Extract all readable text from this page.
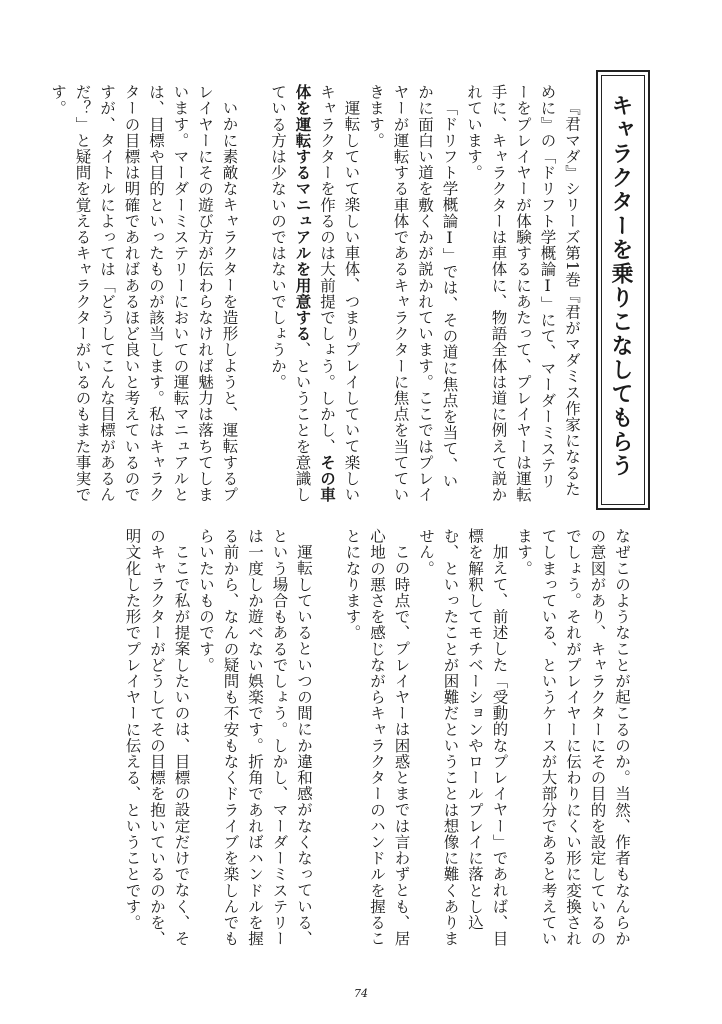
キャラクターを乗りこなしてもらう

『君マダ』シリーズ第1巻『君がマダミス作家になるために』の「ドリフト学概論Ⅰ」にて、マーダーミステリーをプレイヤーが体験するにあたって、プレイヤーは運転手に、キャラクターは車体に、物語全体は道に例えて説かれています。

「ドリフト学概論Ⅰ」では、その道に焦点を当て、いかに面白い道を敷くかが説かれています。ここではプレイヤーが運転する車体であるキャラクターに焦点を当てていきます。

運転していて楽しい車体、つまりプレイしていて楽しいキャラクターを作るのは大前提でしょう。しかし、その車体を運転するマニュアルを用意する、ということを意識している方は少ないのではないでしょうか。

いかに素敵なキャラクターを造形しようと、運転するプレイヤーにその遊び方が伝わらなければ魅力は落ちてしまいます。マーダーミステリーにおいての運転マニュアルとは、目標や目的といったものが該当します。私はキャラクターの目標は明確であればあるほど良いと考えているのですが、タイトルによっては「どうしてこんな目標があるんだ？」と疑問を覚えるキャラクターがいるのもまた事実です。

なぜこのようなことが起こるのか。当然、作者もなんらかの意図があり、キャラクターにその目的を設定しているのでしょう。それがプレイヤーに伝わりにくい形に変換されてしまっている、というケースが大部分であると考えています。

加えて、前述した「受動的なプレイヤー」であれば、目標を解釈してモチベーションやロールプレイに落とし込む、といったことが困難だということは想像に難くありません。

この時点で、プレイヤーは困惑とまでは言わずとも、居心地の悪さを感じながらキャラクターのハンドルを握ることになります。

運転しているといつの間にか違和感がなくなっている、という場合もあるでしょう。しかし、マーダーミステリーは一度しか遊べない娯楽です。折角であればハンドルを握る前から、なんの疑問も不安もなくドライブを楽しんでもらいたいものです。

ここで私が提案したいのは、目標の設定だけでなく、そのキャラクターがどうしてその目標を抱いているのかを、明文化した形でプレイヤーに伝える、ということです。

74
